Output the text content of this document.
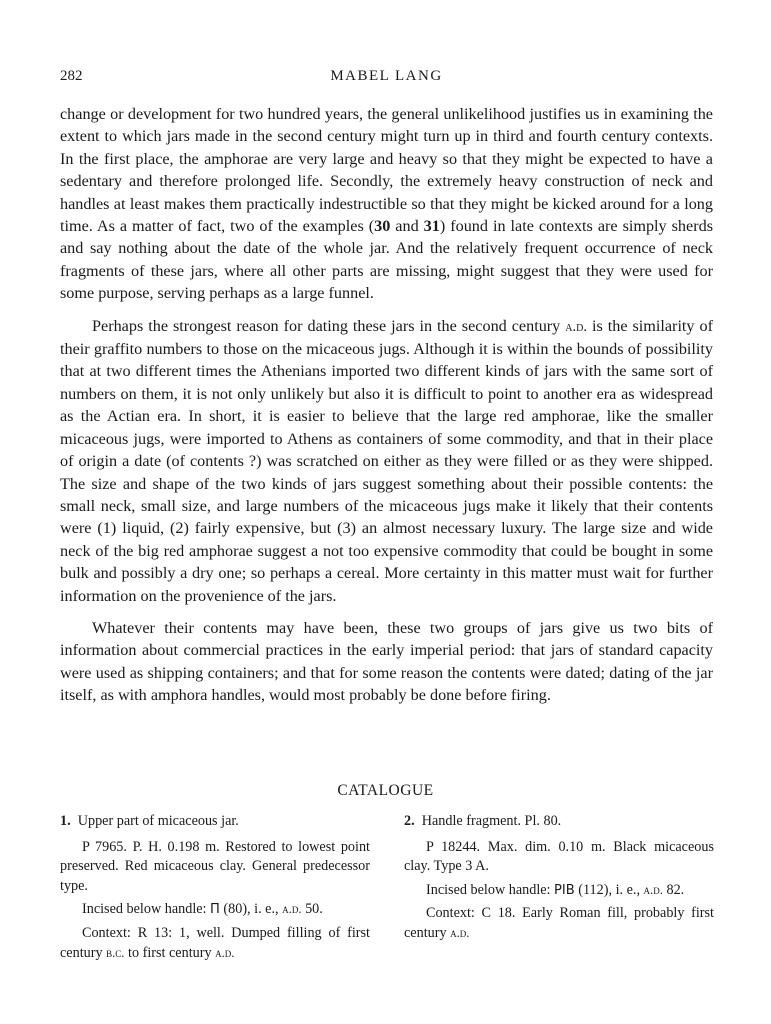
282	MABEL LANG

change or development for two hundred years, the general unlikelihood justifies us in examining the extent to which jars made in the second century might turn up in third and fourth century contexts. In the first place, the amphorae are very large and heavy so that they might be expected to have a sedentary and therefore prolonged life. Secondly, the extremely heavy construction of neck and handles at least makes them practically indestructible so that they might be kicked around for a long time. As a matter of fact, two of the examples (30 and 31) found in late contexts are simply sherds and say nothing about the date of the whole jar. And the relatively frequent occurrence of neck fragments of these jars, where all other parts are missing, might suggest that they were used for some purpose, serving perhaps as a large funnel.

Perhaps the strongest reason for dating these jars in the second century a.d. is the similarity of their graffito numbers to those on the micaceous jugs. Although it is within the bounds of possibility that at two different times the Athenians imported two different kinds of jars with the same sort of numbers on them, it is not only unlikely but also it is difficult to point to another era as widespread as the Actian era. In short, it is easier to believe that the large red amphorae, like the smaller micaceous jugs, were imported to Athens as containers of some commodity, and that in their place of origin a date (of contents ?) was scratched on either as they were filled or as they were shipped. The size and shape of the two kinds of jars suggest something about their possible contents: the small neck, small size, and large numbers of the micaceous jugs make it likely that their contents were (1) liquid, (2) fairly expensive, but (3) an almost necessary luxury. The large size and wide neck of the big red amphorae suggest a not too expensive commodity that could be bought in some bulk and possibly a dry one; so perhaps a cereal. More certainty in this matter must wait for further information on the provenience of the jars.

Whatever their contents may have been, these two groups of jars give us two bits of information about commercial practices in the early imperial period: that jars of standard capacity were used as shipping containers; and that for some reason the contents were dated; dating of the jar itself, as with amphora handles, would most probably be done before firing.

CATALOGUE

1. Upper part of micaceous jar.

P 7965. P. H. 0.198 m. Restored to lowest point preserved. Red micaceous clay. General predecessor type.

Incised below handle: Π (80), i. e., a.d. 50.

Context: R 13: 1, well. Dumped filling of first century b.c. to first century a.d.

2. Handle fragment. Pl. 80.

P 18244. Max. dim. 0.10 m. Black micaceous clay. Type 3 A.

Incised below handle: PIB (112), i. e., a.d. 82.

Context: C 18. Early Roman fill, probably first century a.d.
